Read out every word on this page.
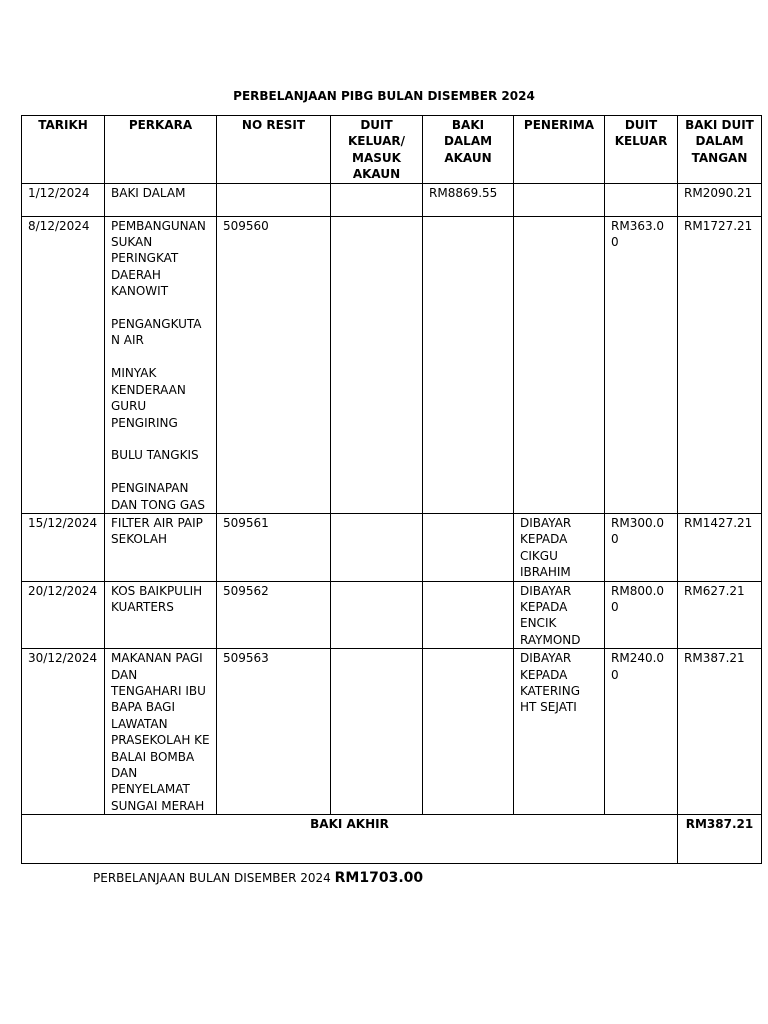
PERBELANJAAN PIBG BULAN DISEMBER 2024
TARIKH	PERKARA	NO RESIT	DUIT KELUAR/ MASUK AKAUN	BAKI DALAM AKAUN	PENERIMA	DUIT KELUAR	BAKI DUIT DALAM TANGAN
1/12/2024	BAKI DALAM			RM8869.55			RM2090.21
8/12/2024	PEMBANGUNAN SUKAN PERINGKAT DAERAH KANOWIT

PENGANGKUTAN AIR

MINYAK KENDERAAN GURU PENGIRING

BULU TANGKIS

PENGINAPAN DAN TONG GAS	509560				RM363.00	RM1727.21
15/12/2024	FILTER AIR PAIP SEKOLAH	509561			DIBAYAR KEPADA CIKGU IBRAHIM	RM300.00	RM1427.21
20/12/2024	KOS BAIKPULIH KUARTERS	509562			DIBAYAR KEPADA ENCIK RAYMOND	RM800.00	RM627.21
30/12/2024	MAKANAN PAGI DAN TENGAHARI IBU BAPA BAGI LAWATAN PRASEKOLAH KE BALAI BOMBA DAN PENYELAMAT SUNGAI MERAH	509563			DIBAYAR KEPADA KATERING HT SEJATI	RM240.00	RM387.21
BAKI AKHIR							RM387.21
PERBELANJAAN BULAN DISEMBER 2024 RM1703.00
